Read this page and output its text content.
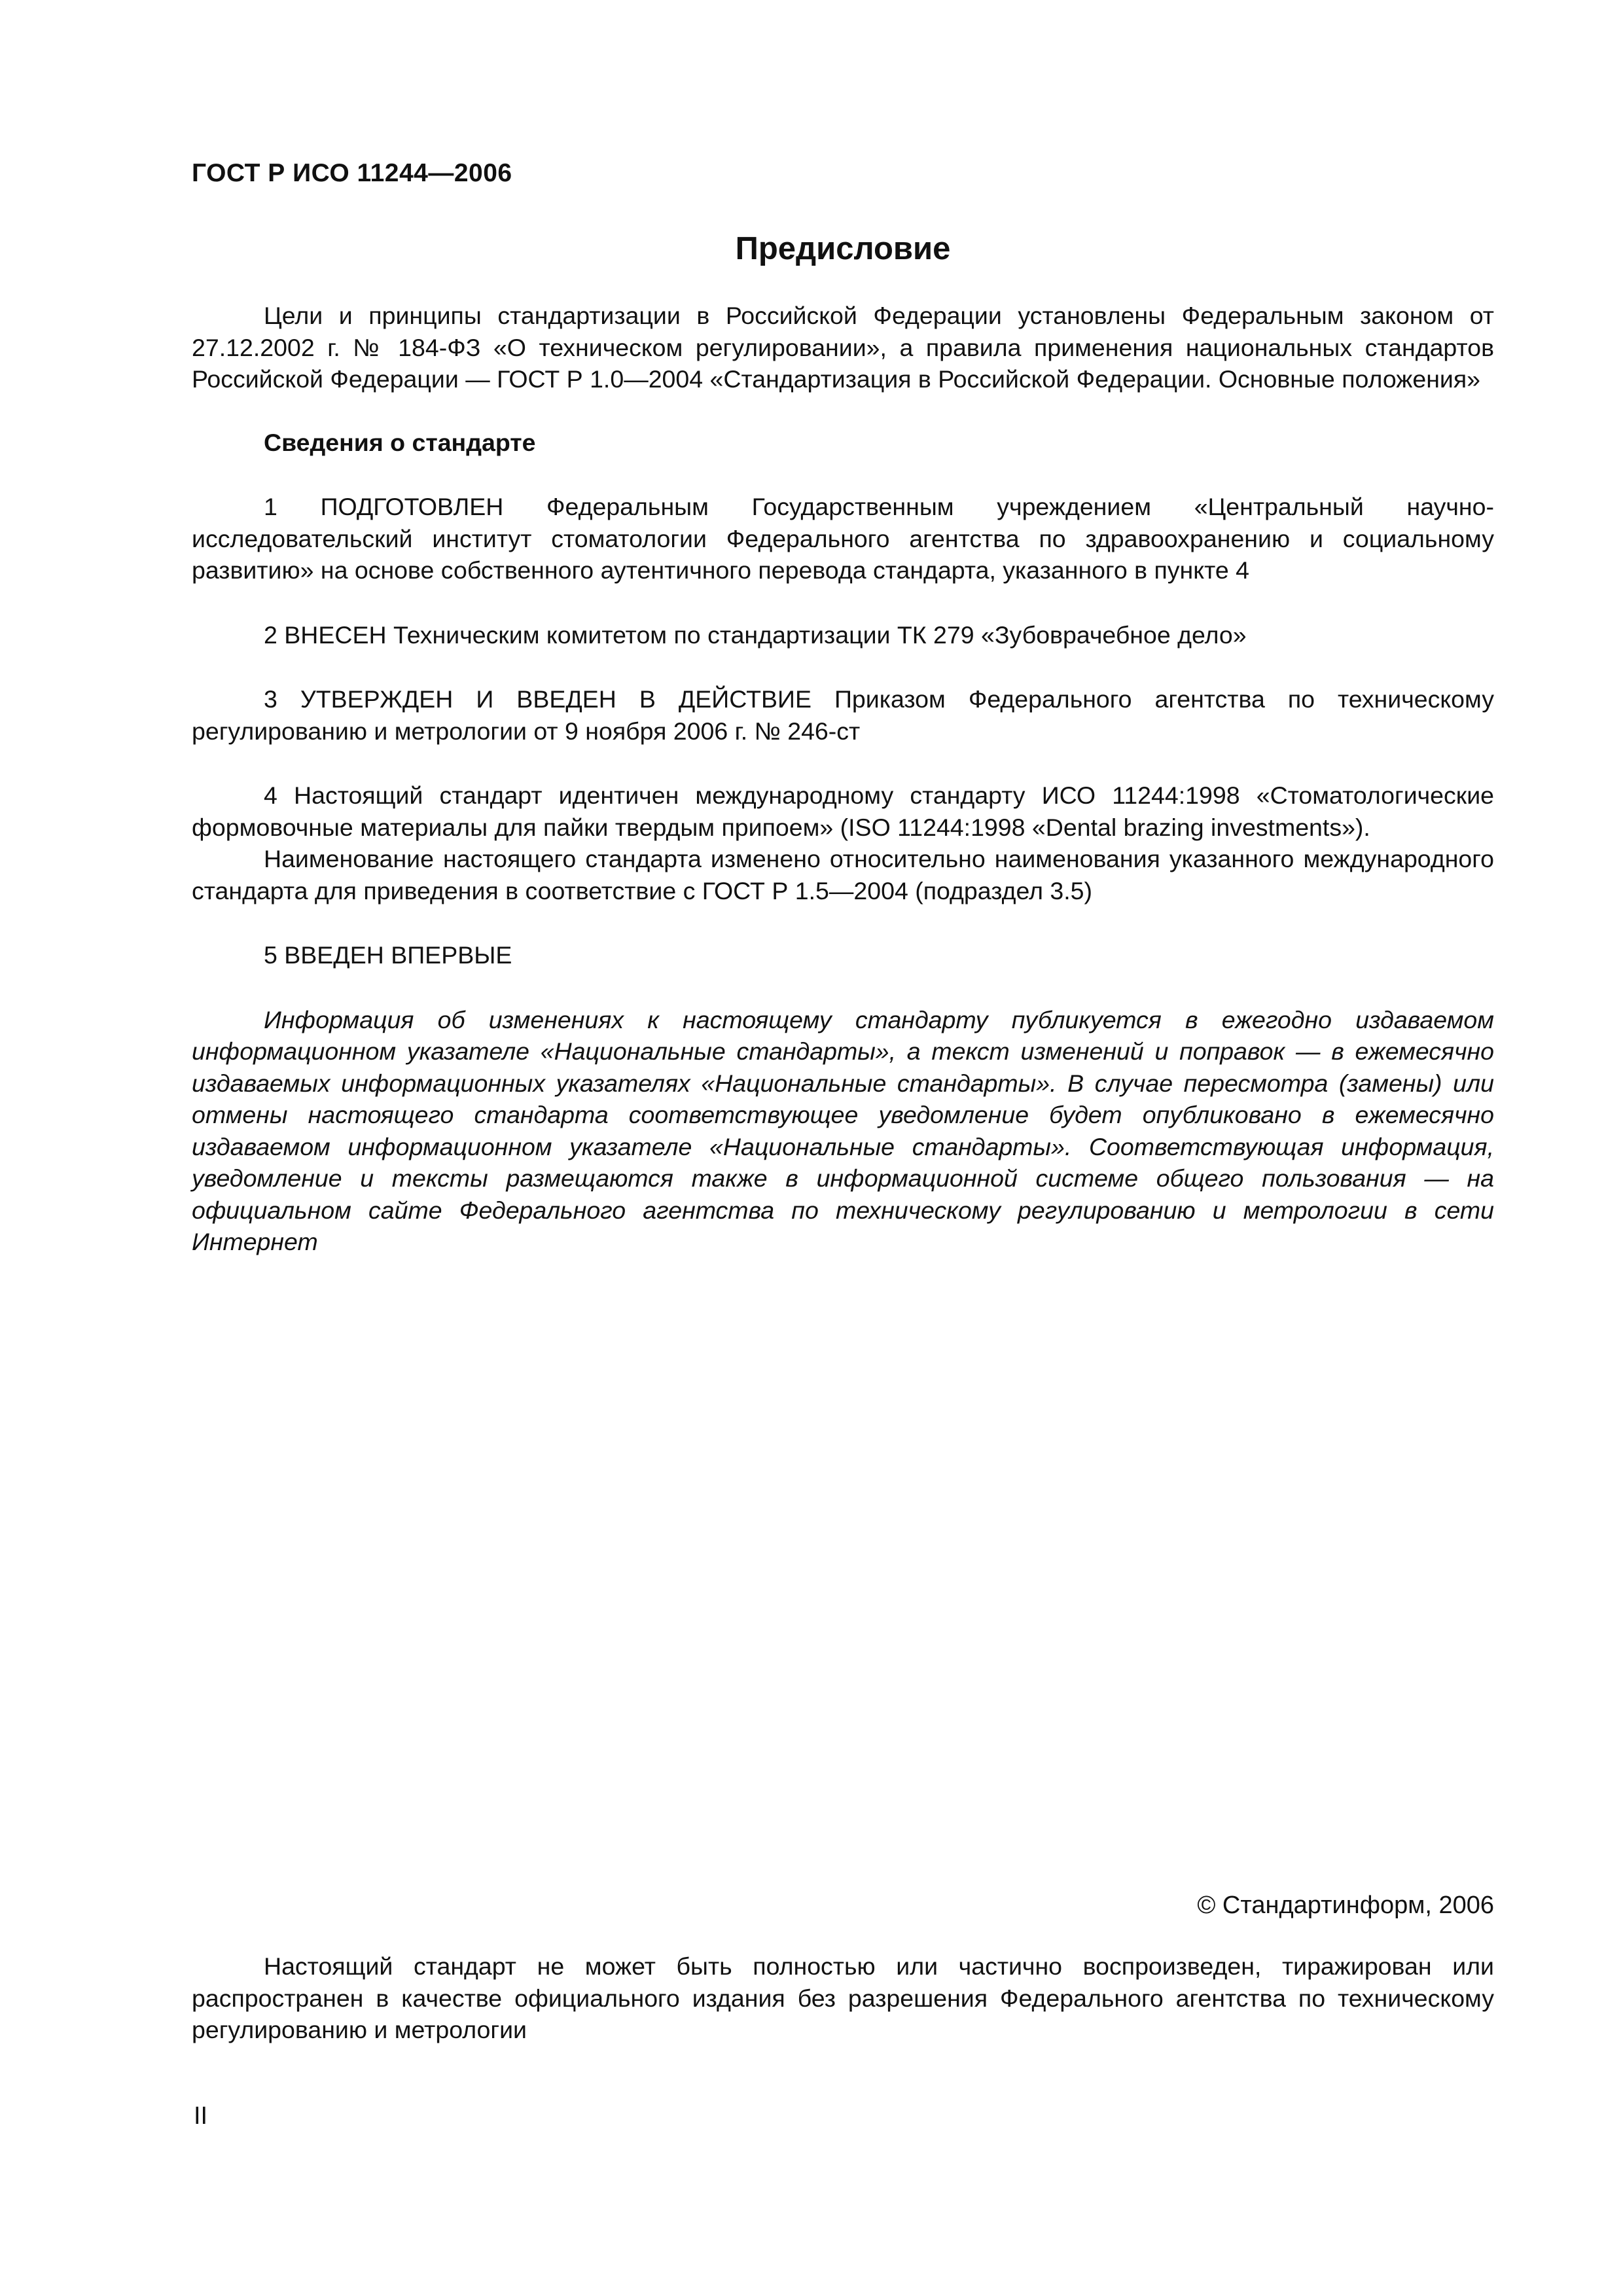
ГОСТ Р ИСО 11244—2006

Предисловие

Цели и принципы стандартизации в Российской Федерации установлены Федеральным законом от 27.12.2002 г. № 184-ФЗ «О техническом регулировании», а правила применения национальных стандартов Российской Федерации — ГОСТ Р 1.0—2004 «Стандартизация в Российской Федерации. Основные положения»

Сведения о стандарте

1 ПОДГОТОВЛЕН Федеральным Государственным учреждением «Центральный научно-исследовательский институт стоматологии Федерального агентства по здравоохранению и социальному развитию» на основе собственного аутентичного перевода стандарта, указанного в пункте 4

2 ВНЕСЕН Техническим комитетом по стандартизации ТК 279 «Зубоврачебное дело»

3 УТВЕРЖДЕН И ВВЕДЕН В ДЕЙСТВИЕ Приказом Федерального агентства по техническому регулированию и метрологии от 9 ноября 2006 г. № 246-ст

4 Настоящий стандарт идентичен международному стандарту ИСО 11244:1998 «Стоматологические формовочные материалы для пайки твердым припоем» (ISO 11244:1998 «Dental brazing investments»).

Наименование настоящего стандарта изменено относительно наименования указанного международного стандарта для приведения в соответствие с ГОСТ Р 1.5—2004 (подраздел 3.5)

5 ВВЕДЕН ВПЕРВЫЕ

Информация об изменениях к настоящему стандарту публикуется в ежегодно издаваемом информационном указателе «Национальные стандарты», а текст изменений и поправок — в ежемесячно издаваемых информационных указателях «Национальные стандарты». В случае пересмотра (замены) или отмены настоящего стандарта соответствующее уведомление будет опубликовано в ежемесячно издаваемом информационном указателе «Национальные стандарты». Соответствующая информация, уведомление и тексты размещаются также в информационной системе общего пользования — на официальном сайте Федерального агентства по техническому регулированию и метрологии в сети Интернет

© Стандартинформ, 2006

Настоящий стандарт не может быть полностью или частично воспроизведен, тиражирован или распространен в качестве официального издания без разрешения Федерального агентства по техническому регулированию и метрологии

II
